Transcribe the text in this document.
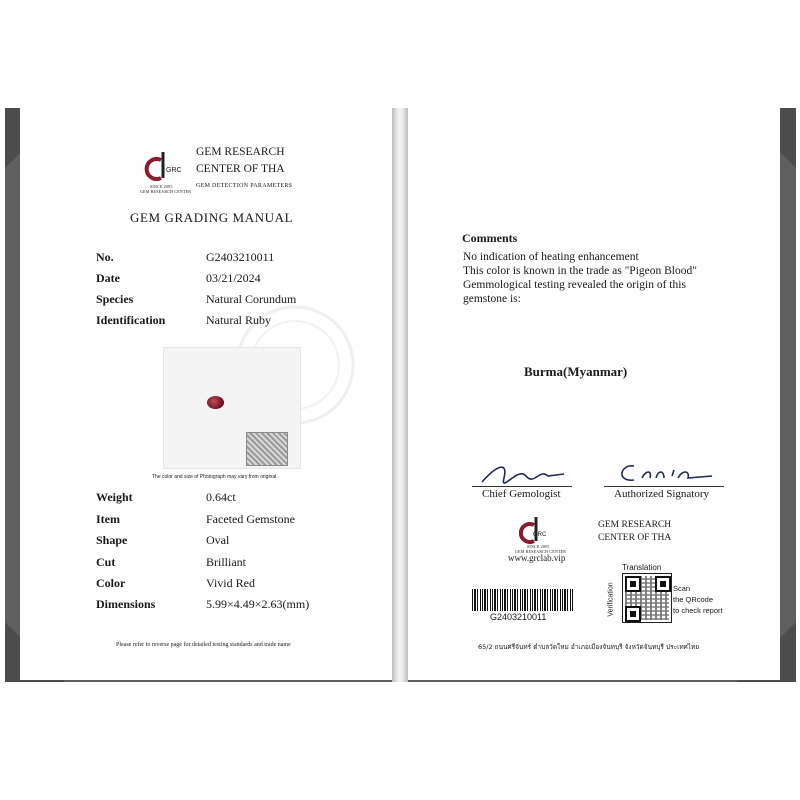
GRC
SINCE 2005
GEM RESEARCH CENTER
GEM RESEARCH
CENTER OF THA
GEM DETECTION PARAMETERS
GEM GRADING MANUAL
No.	G2403210011
Date	03/21/2024
Species	Natural Corundum
Identification	Natural Ruby
The color and size of Photograph may vary from original.
Weight	0.64ct
Item	Faceted Gemstone
Shape	Oval
Cut	Brilliant
Color	Vivid Red
Dimensions	5.99×4.49×2.63(mm)
Please refer to reverse page for detailed testing standards and trade name
Comments
No indication of heating enhancement
This color is known in the trade as "Pigeon Blood"
Gemmological testing revealed the origin of this
gemstone is:
Burma(Myanmar)
Chief Gemologist	Authorized Signatory
GRC
SINCE 2005
GEM RESEARCH CENTER
www.grclab.vip
GEM RESEARCH
CENTER OF THA
G2403210011
Translation
Verification	Scan
the QRcode
to check report
65/2 ถนนศรีจันทร์ ตำบลวัดใหม่ อำเภอเมืองจันทบุรี จังหวัดจันทบุรี ประเทศไทย
